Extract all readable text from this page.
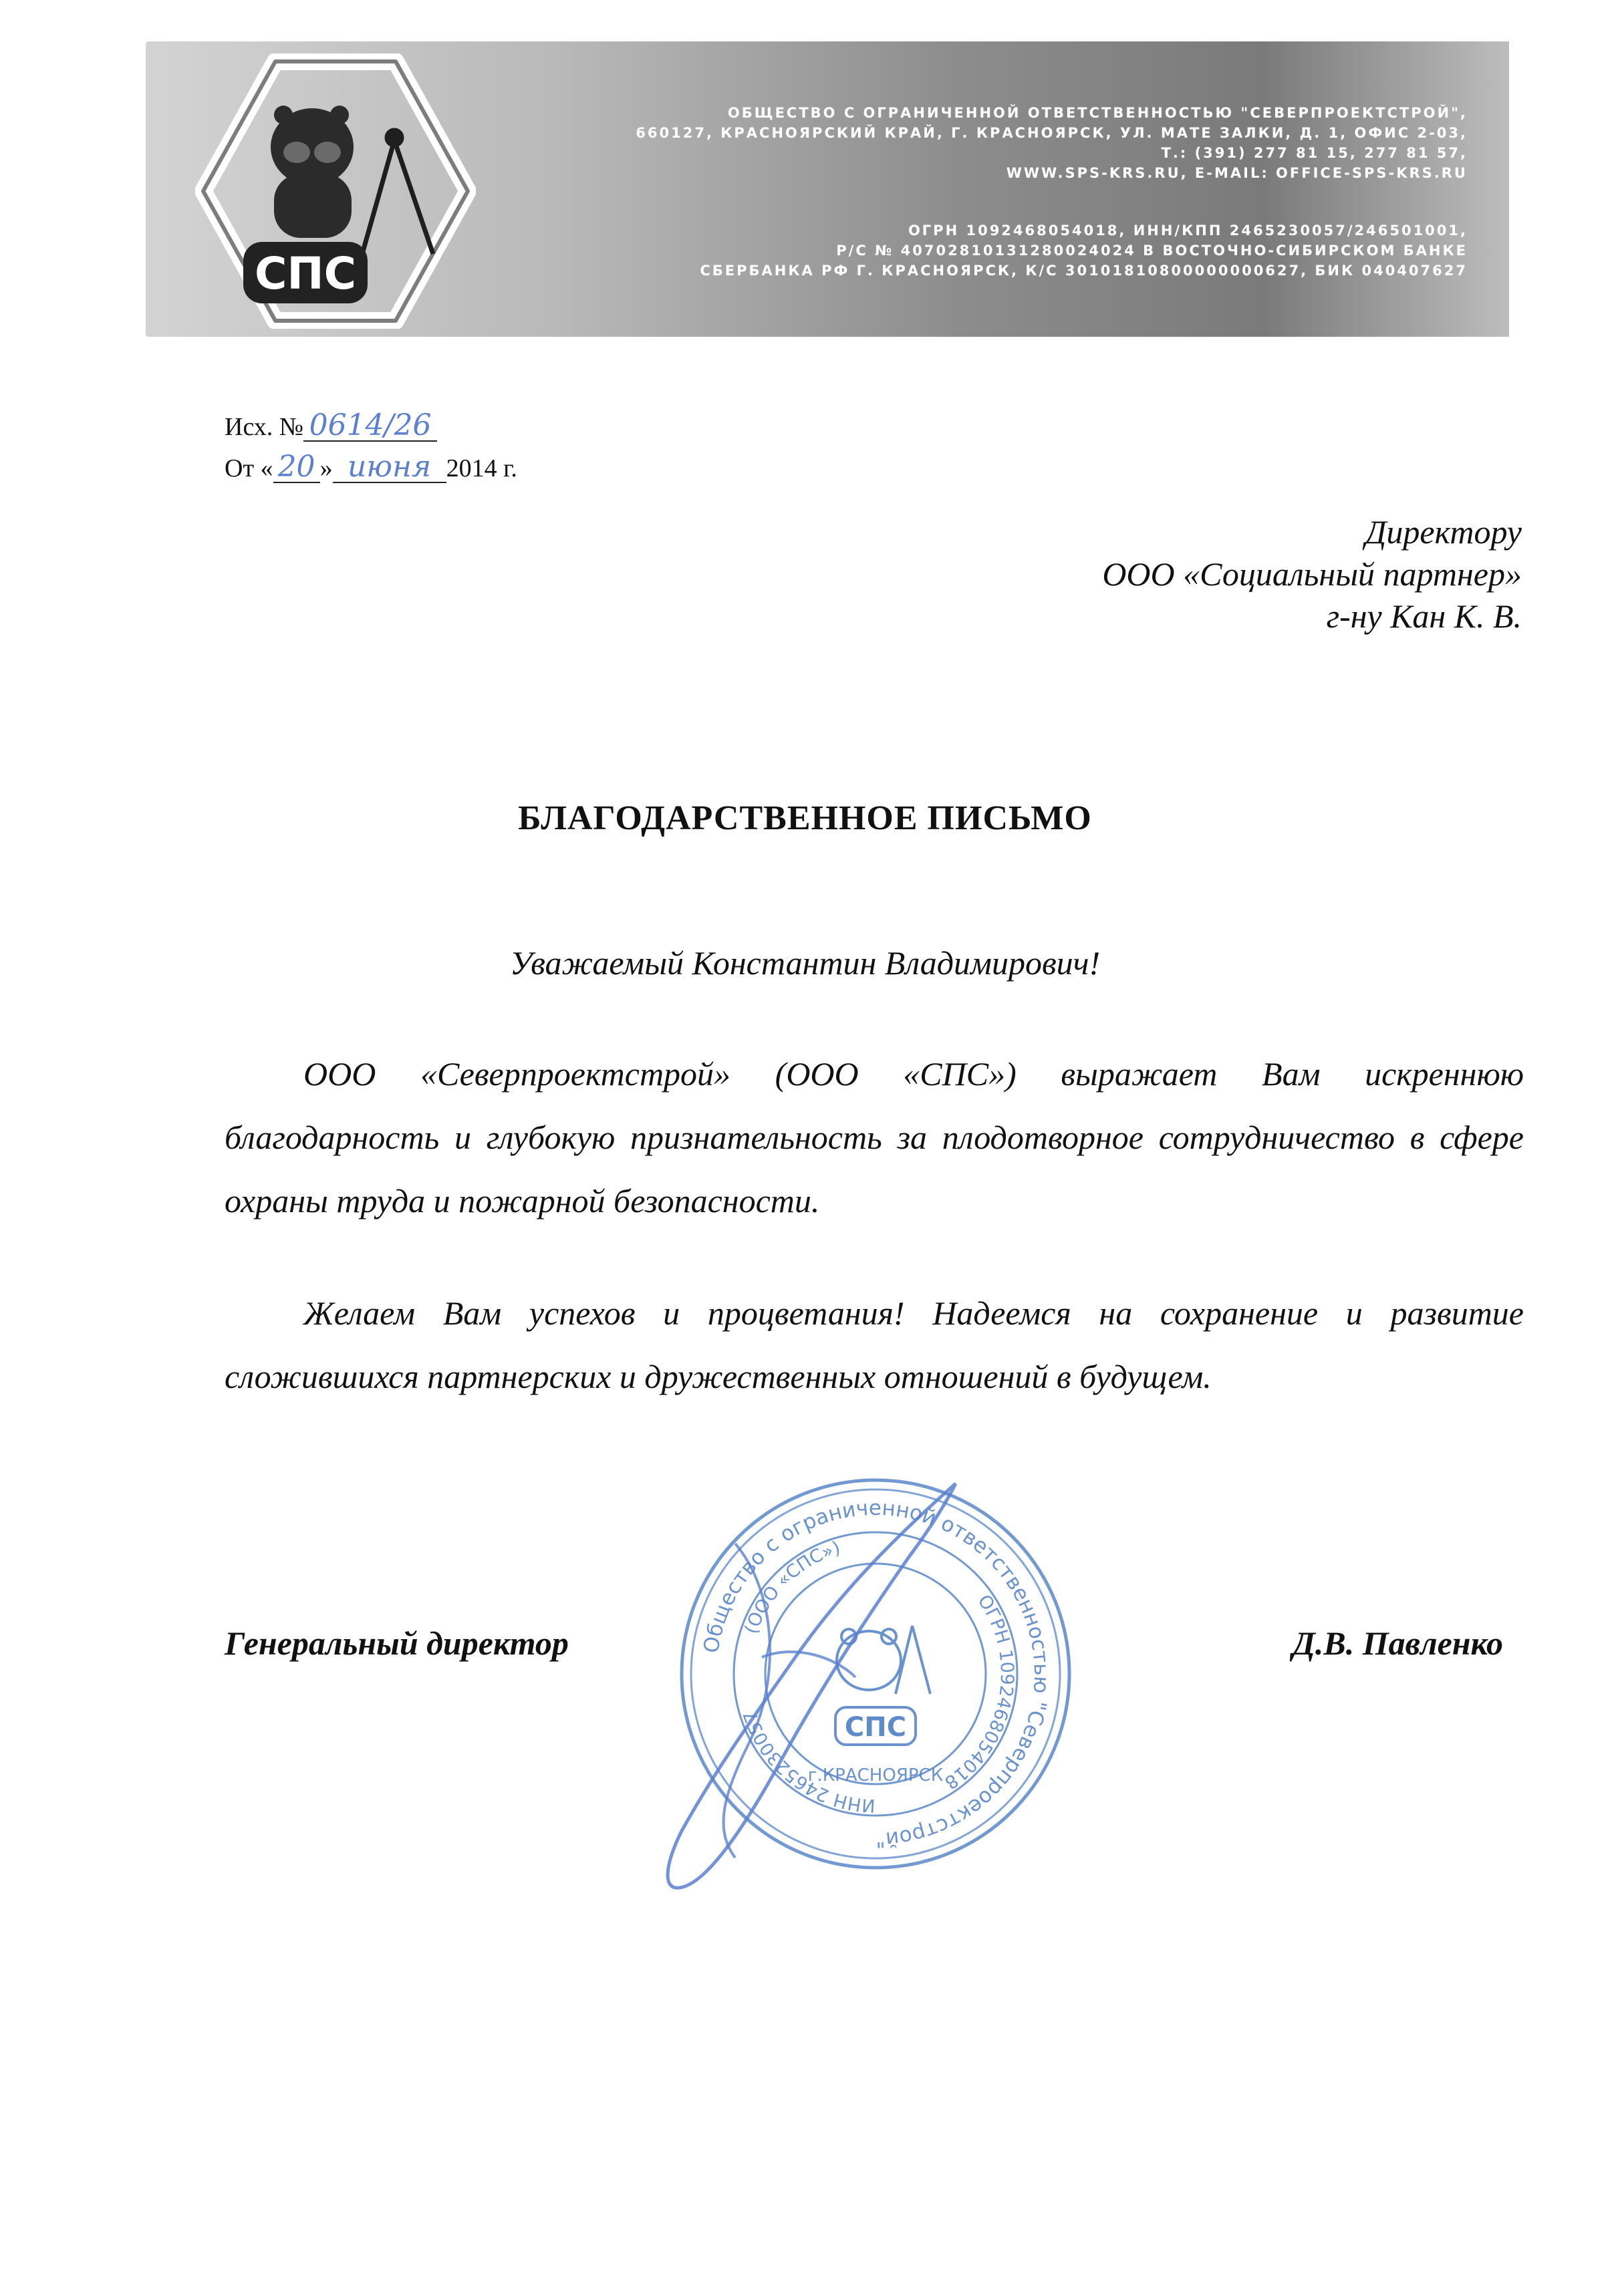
ОБЩЕСТВО С ОГРАНИЧЕННОЙ ОТВЕТСТВЕННОСТЬЮ "СЕВЕРПРОЕКТСТРОЙ",
660127, КРАСНОЯРСКИЙ КРАЙ, Г. КРАСНОЯРСК, УЛ. МАТЕ ЗАЛКИ, Д. 1, ОФИС 2-03,
Т.: (391) 277 81 15, 277 81 57,
WWW.SPS-KRS.RU, E-MAIL: OFFICE-SPS-KRS.RU
ОГРН 1092468054018, ИНН/КПП 2465230057/246501001,
Р/С № 40702810131280024024 В ВОСТОЧНО-СИБИРСКОМ БАНКЕ
СБЕРБАНКА РФ Г. КРАСНОЯРСК, К/С 30101810800000000627, БИК 040407627
СПС
Исх. № 0614/26
От « 20 » июня 2014 г.
Директору
ООО «Социальный партнер»
г-ну Кан К. В.
БЛАГОДАРСТВЕННОЕ ПИСЬМО
Уважаемый Константин Владимирович!

ООО «Северпроектстрой» (ООО «СПС») выражает Вам искреннюю благодарность и глубокую признательность за плодотворное сотрудничество в сфере охраны труда и пожарной безопасности.

Желаем Вам успехов и процветания! Надеемся на сохранение и развитие сложившихся партнерских и дружественных отношений в будущем.

Общество с ограниченной ответственностью "Северпроектстрой"
ОГРН 1092468054018
ИНН 2465230057
(ООО «СПС»)
СПС
г.КРАСНОЯРСК
Генеральный директор	Д.В. Павленко
